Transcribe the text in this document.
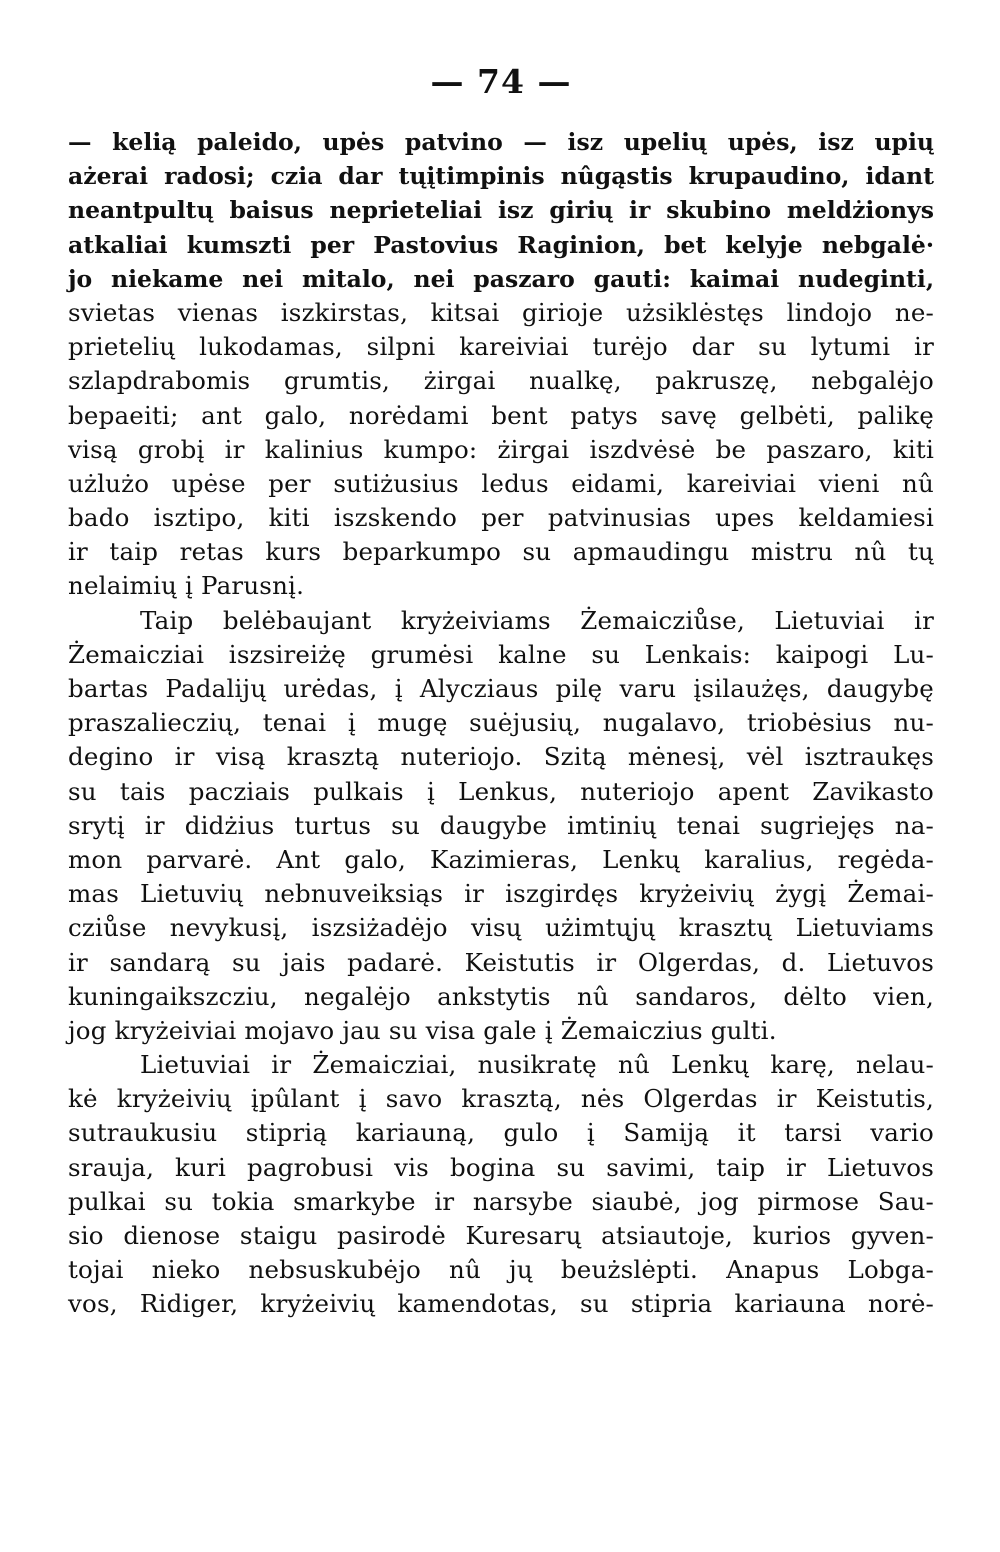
— 74 —
— kelią paleido, upės patvino — isz upelių upės, isz upių
ażerai radosi; czia dar tųįtimpinis nûgąstis krupaudino, idant
neantpultų baisus neprieteliai isz girių ir skubino meldżionys
atkaliai kumszti per Pastovius Raginion, bet kelyje nebgalė·
jo niekame nei mitalo, nei paszaro gauti: kaimai nudeginti,
svietas vienas iszkirstas, kitsai girioje użsiklėstęs lindojo ne-
prietelių lukodamas, silpni kareiviai turėjo dar su lytumi ir
szlapdrabomis grumtis, żirgai nualkę, pakruszę, nebgalėjo
bepaeiti; ant galo, norėdami bent patys savę gelbėti, palikę
visą grobį ir kalinius kumpo: żirgai iszdvėsė be paszaro, kiti
użlużo upėse per sutiżusius ledus eidami, kareiviai vieni nû
bado isztipo, kiti iszskendo per patvinusias upes keldamiesi
ir taip retas kurs beparkumpo su apmaudingu mistru nû tų
nelaimių į Parusnį.
Taip belėbaujant kryżeiviams Żemaicziůse, Lietuviai ir
Żemaicziai iszsireiżę grumėsi kalne su Lenkais: kaipogi Lu-
bartas Padalijų urėdas, į Alycziaus pilę varu įsilaużęs, daugybę
praszalieczių, tenai į mugę suėjusių, nugalavo, triobėsius nu-
degino ir visą krasztą nuteriojo. Szitą mėnesį, vėl isztraukęs
su tais pacziais pulkais į Lenkus, nuteriojo apent Zavikasto
srytį ir didżius turtus su daugybe imtinių tenai sugriejęs na-
mon parvarė. Ant galo, Kazimieras, Lenkų karalius, regėda-
mas Lietuvių nebnuveiksiąs ir iszgirdęs kryżeivių żygį Żemai-
cziůse nevykusį, iszsiżadėjo visų użimtųjų krasztų Lietuviams
ir sandarą su jais padarė. Keistutis ir Olgerdas, d. Lietuvos
kuningaikszcziu, negalėjo ankstytis nû sandaros, dėlto vien,
jog kryżeiviai mojavo jau su visa gale į Żemaiczius gulti.
Lietuviai ir Żemaicziai, nusikratę nû Lenkų karę, nelau-
kė kryżeivių įpûlant į savo krasztą, nės Olgerdas ir Keistutis,
sutraukusiu stiprią kariauną, gulo į Samiją it tarsi vario
srauja, kuri pagrobusi vis bogina su savimi, taip ir Lietuvos
pulkai su tokia smarkybe ir narsybe siaubė, jog pirmose Sau-
sio dienose staigu pasirodė Kuresarų atsiautoje, kurios gyven-
tojai nieko nebsuskubėjo nû jų beużslėpti. Anapus Lobga-
vos, Ridiger, kryżeivių kamendotas, su stipria kariauna norė-
